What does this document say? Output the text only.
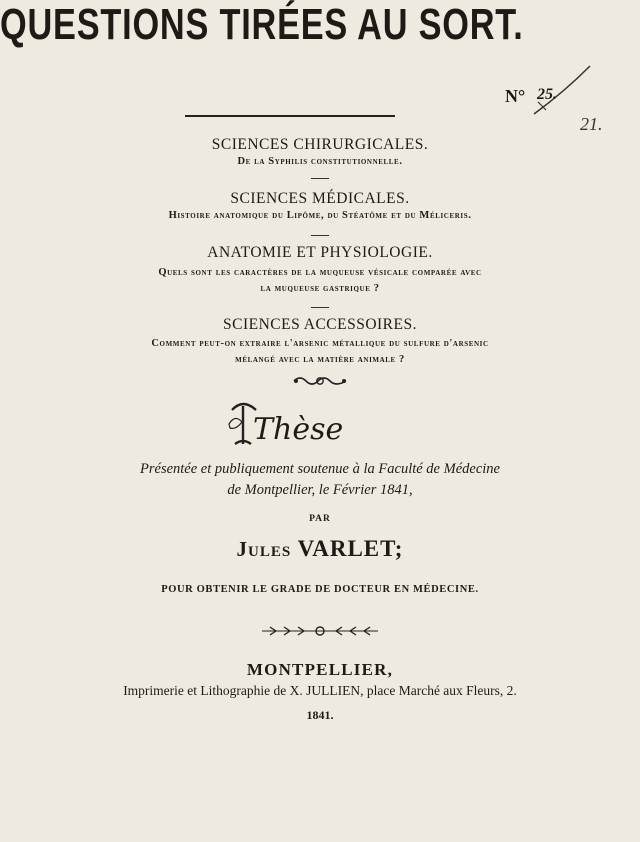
QUESTIONS TIRÉES AU SORT.
N° 25.
21.
SCIENCES CHIRURGICALES.
De la Syphilis constitutionnelle.
SCIENCES MÉDICALES.
Histoire anatomique du Lipôme, du Stéatôme et du Méliceris.
ANATOMIE ET PHYSIOLOGIE.
Quels sont les caractères de la muqueuse vésicale comparée avec
la muqueuse gastrique ?
SCIENCES ACCESSOIRES.
Comment peut-on extraire l'arsenic métallique du sulfure d'arsenic
mélangé avec la matière animale ?
Thèse
Présentée et publiquement soutenue à la Faculté de Médecine
de Montpellier, le Février 1841,
PAR
Jules VARLET;
POUR OBTENIR LE GRADE DE DOCTEUR EN MÉDECINE.
MONTPELLIER,
Imprimerie et Lithographie de X. JULLIEN, place Marché aux Fleurs, 2.
1841.
